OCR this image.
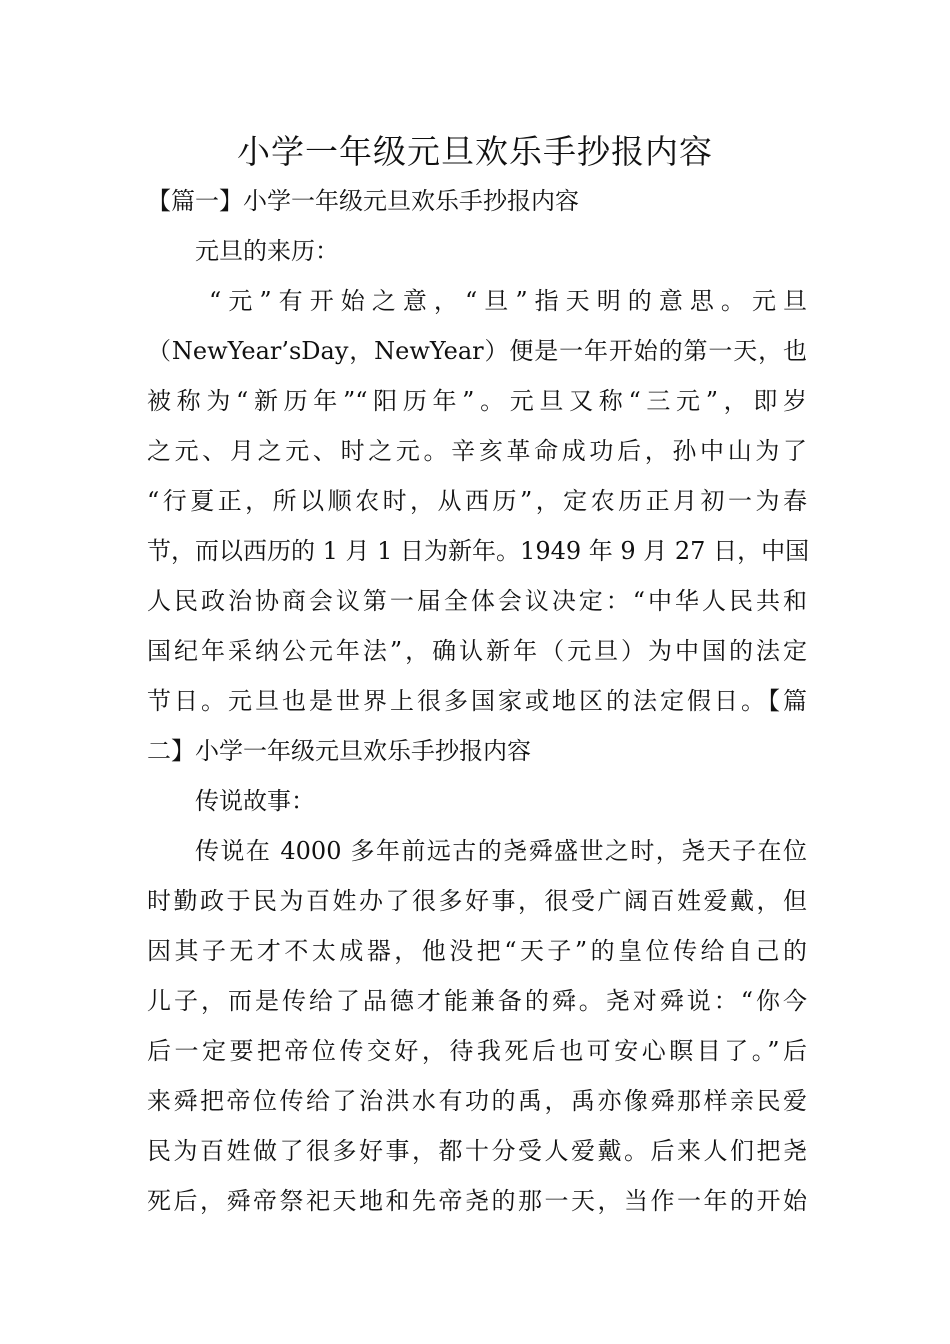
小学一年级元旦欢乐手抄报内容
【篇一】小学一年级元旦欢乐手抄报内容
元旦的来历：
“元”有开始之意，“旦”指天明的意思。元旦
（NewYear’sDay，NewYear）便是一年开始的第一天，也
被称为“新历年”“阳历年”。元旦又称“三元”，即岁
之元、月之元、时之元。辛亥革命成功后，孙中山为了
“行夏正，所以顺农时，从西历”，定农历正月初一为春
节，而以西历的 1 月 1 日为新年。1949 年 9 月 27 日，中国
人民政治协商会议第一届全体会议决定：“中华人民共和
国纪年采纳公元年法”，确认新年（元旦）为中国的法定
节日。元旦也是世界上很多国家或地区的法定假日。【篇
二】小学一年级元旦欢乐手抄报内容
传说故事：
传说在 4000 多年前远古的尧舜盛世之时，尧天子在位
时勤政于民为百姓办了很多好事，很受广阔百姓爱戴，但
因其子无才不太成器，他没把“天子”的皇位传给自己的
儿子，而是传给了品德才能兼备的舜。尧对舜说：“你今
后一定要把帝位传交好，待我死后也可安心瞑目了。”后
来舜把帝位传给了治洪水有功的禹，禹亦像舜那样亲民爱
民为百姓做了很多好事，都十分受人爱戴。后来人们把尧
死后，舜帝祭祀天地和先帝尧的那一天，当作一年的开始
